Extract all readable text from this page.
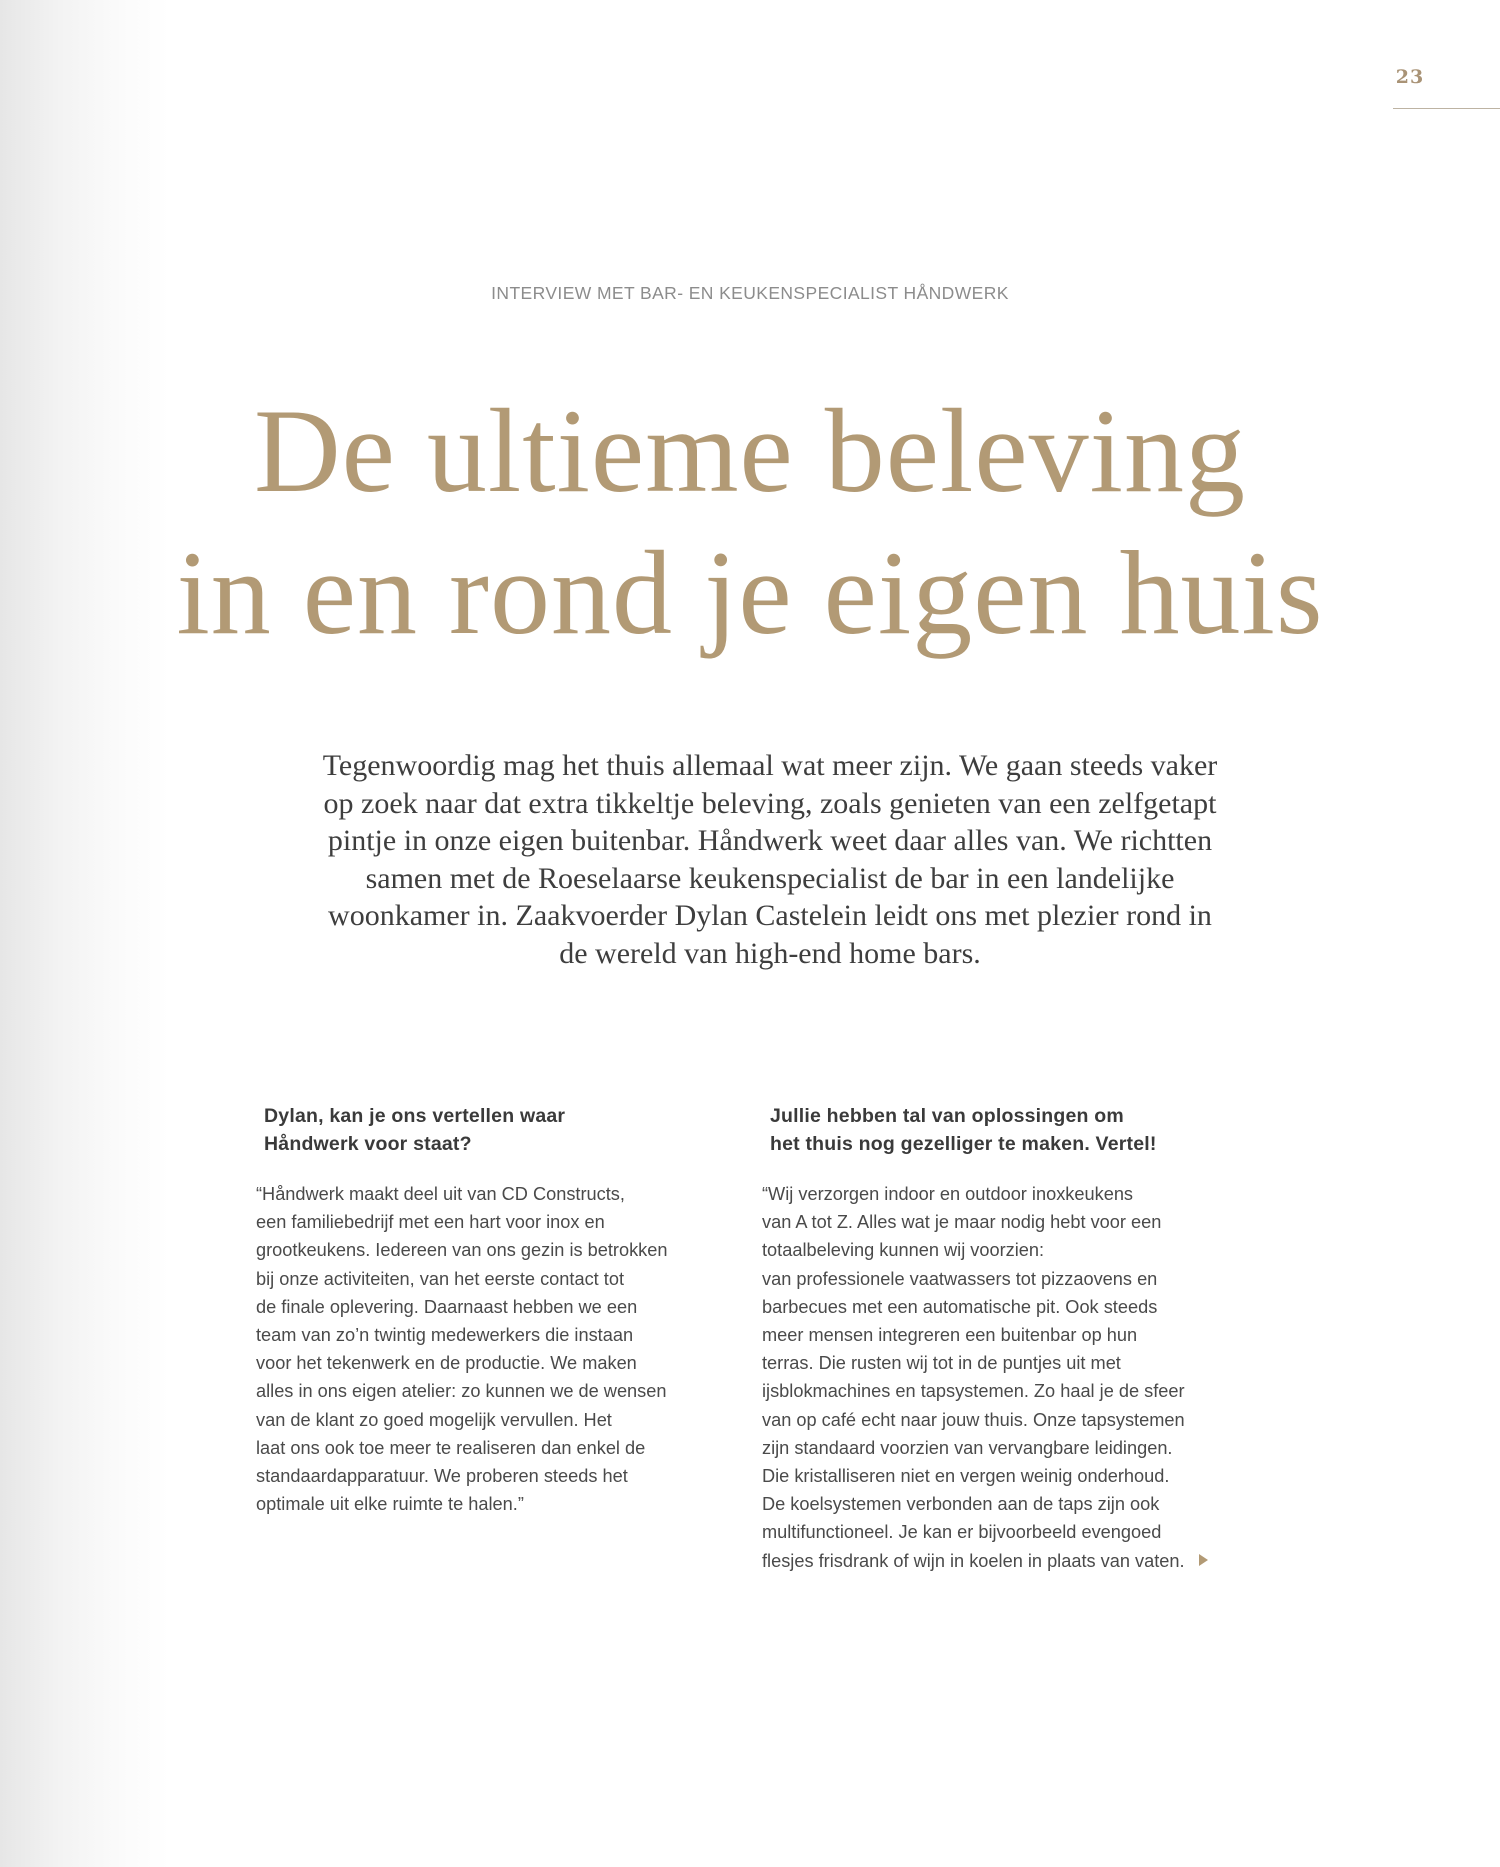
23
INTERVIEW MET BAR- EN KEUKENSPECIALIST HÅNDWERK
De ultieme beleving
in en rond je eigen huis

Tegenwoordig mag het thuis allemaal wat meer zijn. We gaan steeds vaker op zoek naar dat extra tikkeltje beleving, zoals genieten van een zelfgetapt pintje in onze eigen buitenbar. Håndwerk weet daar alles van. We richtten samen met de Roeselaarse keukenspecialist de bar in een landelijke woonkamer in. Zaakvoerder Dylan Castelein leidt ons met plezier rond in de wereld van high-end home bars.

Dylan, kan je ons vertellen waar
Håndwerk voor staat?

“Håndwerk maakt deel uit van CD Constructs,
een familiebedrijf met een hart voor inox en
grootkeukens. Iedereen van ons gezin is betrokken
bij onze activiteiten, van het eerste contact tot
de finale oplevering. Daarnaast hebben we een
team van zo’n twintig medewerkers die instaan
voor het tekenwerk en de productie. We maken
alles in ons eigen atelier: zo kunnen we de wensen
van de klant zo goed mogelijk vervullen. Het
laat ons ook toe meer te realiseren dan enkel de
standaardapparatuur. We proberen steeds het
optimale uit elke ruimte te halen.”

Jullie hebben tal van oplossingen om
het thuis nog gezelliger te maken. Vertel!

“Wij verzorgen indoor en outdoor inoxkeukens
van A tot Z. Alles wat je maar nodig hebt voor een
totaalbeleving kunnen wij voorzien:
van professionele vaatwassers tot pizzaovens en
barbecues met een automatische pit. Ook steeds
meer mensen integreren een buitenbar op hun
terras. Die rusten wij tot in de puntjes uit met
ijsblokmachines en tapsystemen. Zo haal je de sfeer
van op café echt naar jouw thuis. Onze tapsystemen
zijn standaard voorzien van vervangbare leidingen.
Die kristalliseren niet en vergen weinig onderhoud.
De koelsystemen verbonden aan de taps zijn ook
multifunctioneel. Je kan er bijvoorbeeld evengoed
flesjes frisdrank of wijn in koelen in plaats van vaten.
